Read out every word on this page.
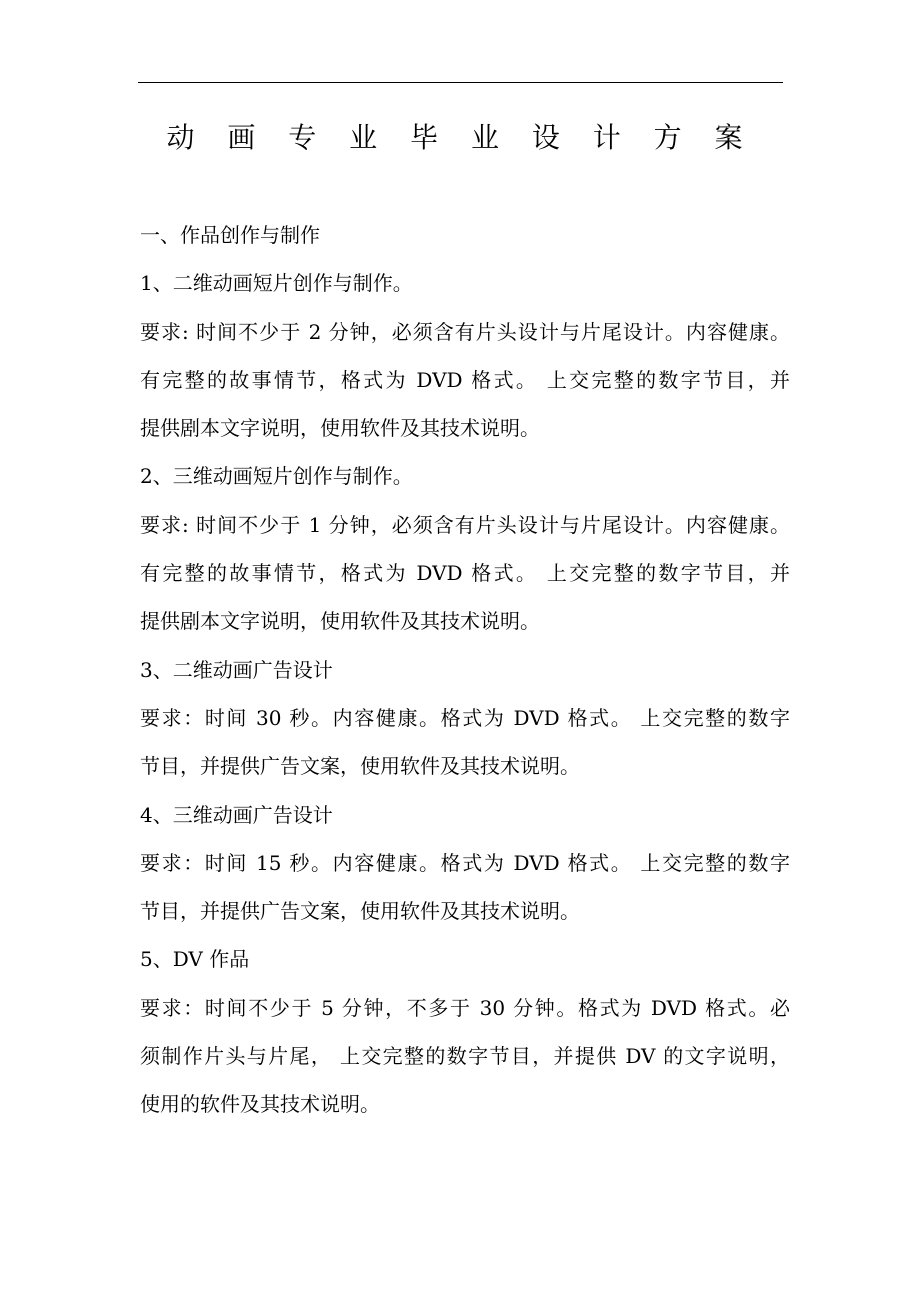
动 画 专 业 毕 业 设 计 方 案
一、作品创作与制作
1、二维动画短片创作与制作。
要求: 时间不少于 2 分钟，必须含有片头设计与片尾设计。内容健康。
有完整的故事情节，格式为 DVD 格式。 上交完整的数字节目，并
提供剧本文字说明，使用软件及其技术说明。
2、三维动画短片创作与制作。
要求: 时间不少于 1 分钟，必须含有片头设计与片尾设计。内容健康。
有完整的故事情节，格式为 DVD 格式。 上交完整的数字节目，并
提供剧本文字说明，使用软件及其技术说明。
3、二维动画广告设计
要求：时间 30 秒。内容健康。格式为 DVD 格式。 上交完整的数字
节目，并提供广告文案，使用软件及其技术说明。
4、三维动画广告设计
要求：时间 15 秒。内容健康。格式为 DVD 格式。 上交完整的数字
节目，并提供广告文案，使用软件及其技术说明。
5、DV 作品
要求：时间不少于 5 分钟，不多于 30 分钟。格式为 DVD 格式。必
须制作片头与片尾， 上交完整的数字节目，并提供 DV 的文字说明，
使用的软件及其技术说明。
